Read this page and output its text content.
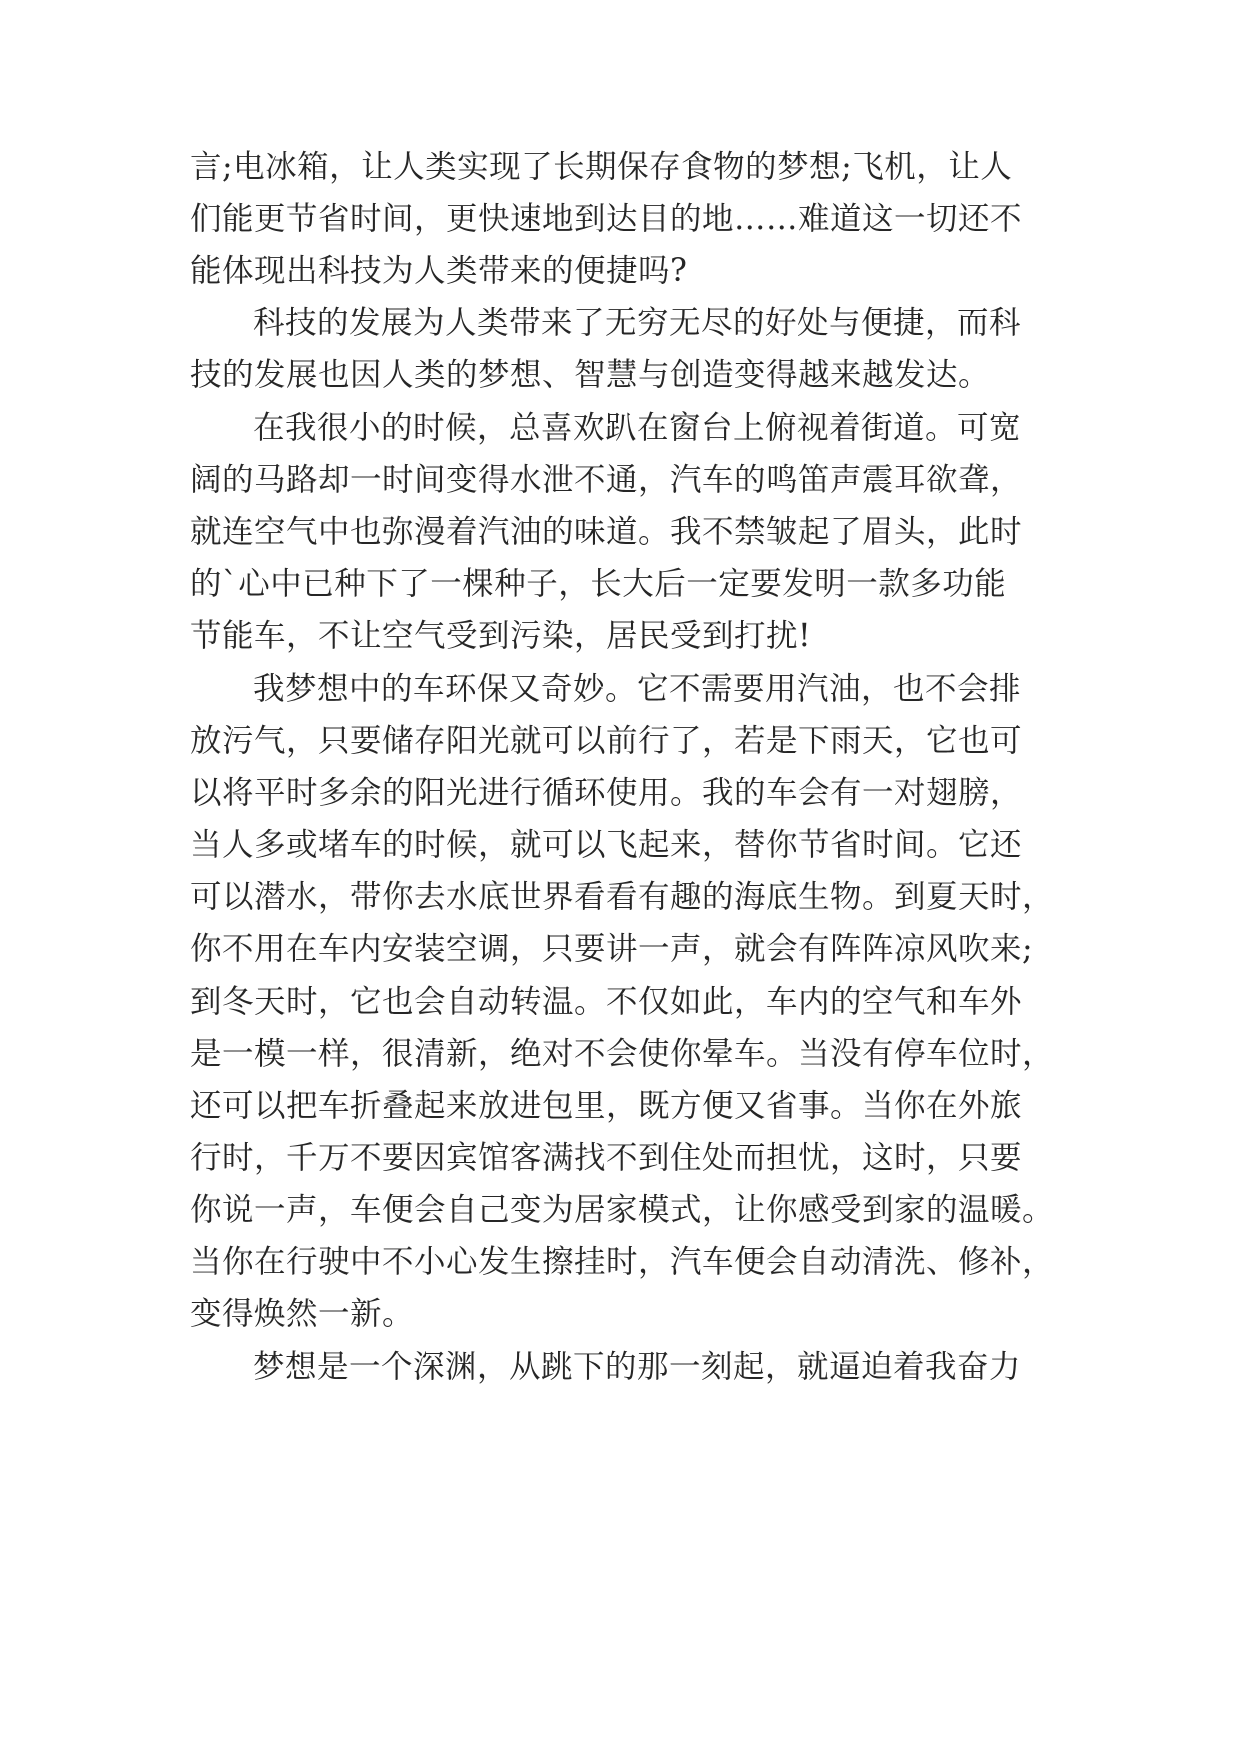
言;电冰箱，让人类实现了长期保存食物的梦想;飞机，让人
们能更节省时间，更快速地到达目的地……难道这一切还不
能体现出科技为人类带来的便捷吗?
科技的发展为人类带来了无穷无尽的好处与便捷，而科
技的发展也因人类的梦想、智慧与创造变得越来越发达。
在我很小的时候，总喜欢趴在窗台上俯视着街道。可宽
阔的马路却一时间变得水泄不通，汽车的鸣笛声震耳欲聋，
就连空气中也弥漫着汽油的味道。我不禁皱起了眉头，此时
的`心中已种下了一棵种子，长大后一定要发明一款多功能
节能车，不让空气受到污染，居民受到打扰!
我梦想中的车环保又奇妙。它不需要用汽油，也不会排
放污气，只要储存阳光就可以前行了，若是下雨天，它也可
以将平时多余的阳光进行循环使用。我的车会有一对翅膀，
当人多或堵车的时候，就可以飞起来，替你节省时间。它还
可以潜水，带你去水底世界看看有趣的海底生物。到夏天时，
你不用在车内安装空调，只要讲一声，就会有阵阵凉风吹来;
到冬天时，它也会自动转温。不仅如此，车内的空气和车外
是一模一样，很清新，绝对不会使你晕车。当没有停车位时，
还可以把车折叠起来放进包里，既方便又省事。当你在外旅
行时，千万不要因宾馆客满找不到住处而担忧，这时，只要
你说一声，车便会自己变为居家模式，让你感受到家的温暖。
当你在行驶中不小心发生擦挂时，汽车便会自动清洗、修补，
变得焕然一新。
梦想是一个深渊，从跳下的那一刻起，就逼迫着我奋力
